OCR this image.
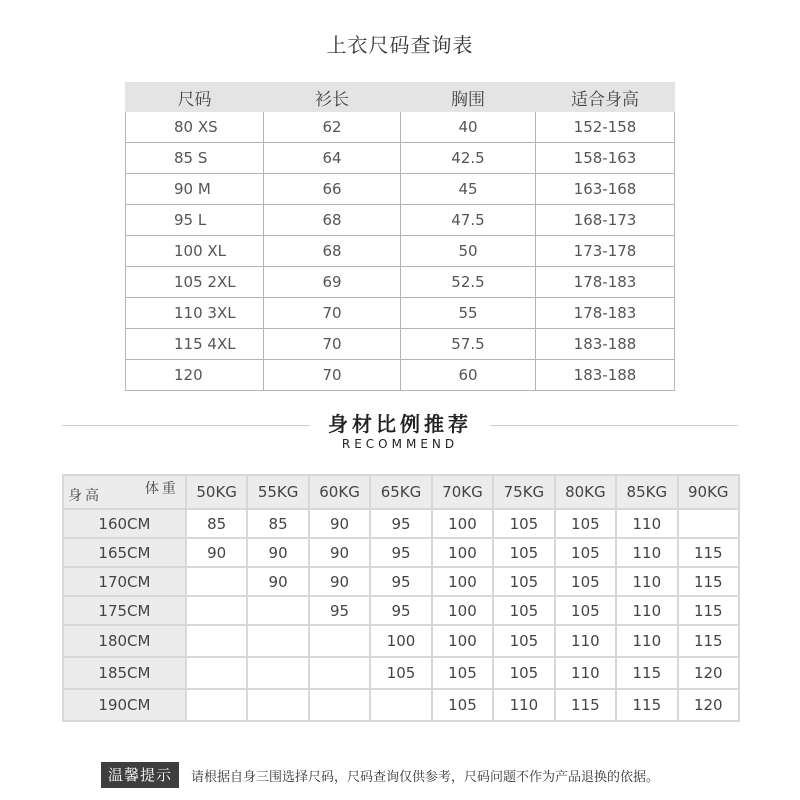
上衣尺码查询表
尺码	衫长	胸围	适合身高
80 XS	62	40	152-158
85 S	64	42.5	158-163
90 M	66	45	163-168
95 L	68	47.5	168-173
100 XL	68	50	173-178
105 2XL	69	52.5	178-183
110 3XL	70	55	178-183
115 4XL	70	57.5	183-188
120	70	60	183-188
身材比例推荐
RECOMMEND
体重
身高	50KG	55KG	60KG	65KG	70KG	75KG	80KG	85KG	90KG
160CM	85	85	90	95	100	105	105	110	
165CM	90	90	90	95	100	105	105	110	115
170CM		90	90	95	100	105	105	110	115
175CM			95	95	100	105	105	110	115
180CM				100	100	105	110	110	115
185CM				105	105	105	110	115	120
190CM					105	110	115	115	120
温馨提示	请根据自身三围选择尺码，尺码查询仅供参考，尺码问题不作为产品退换的依据。
